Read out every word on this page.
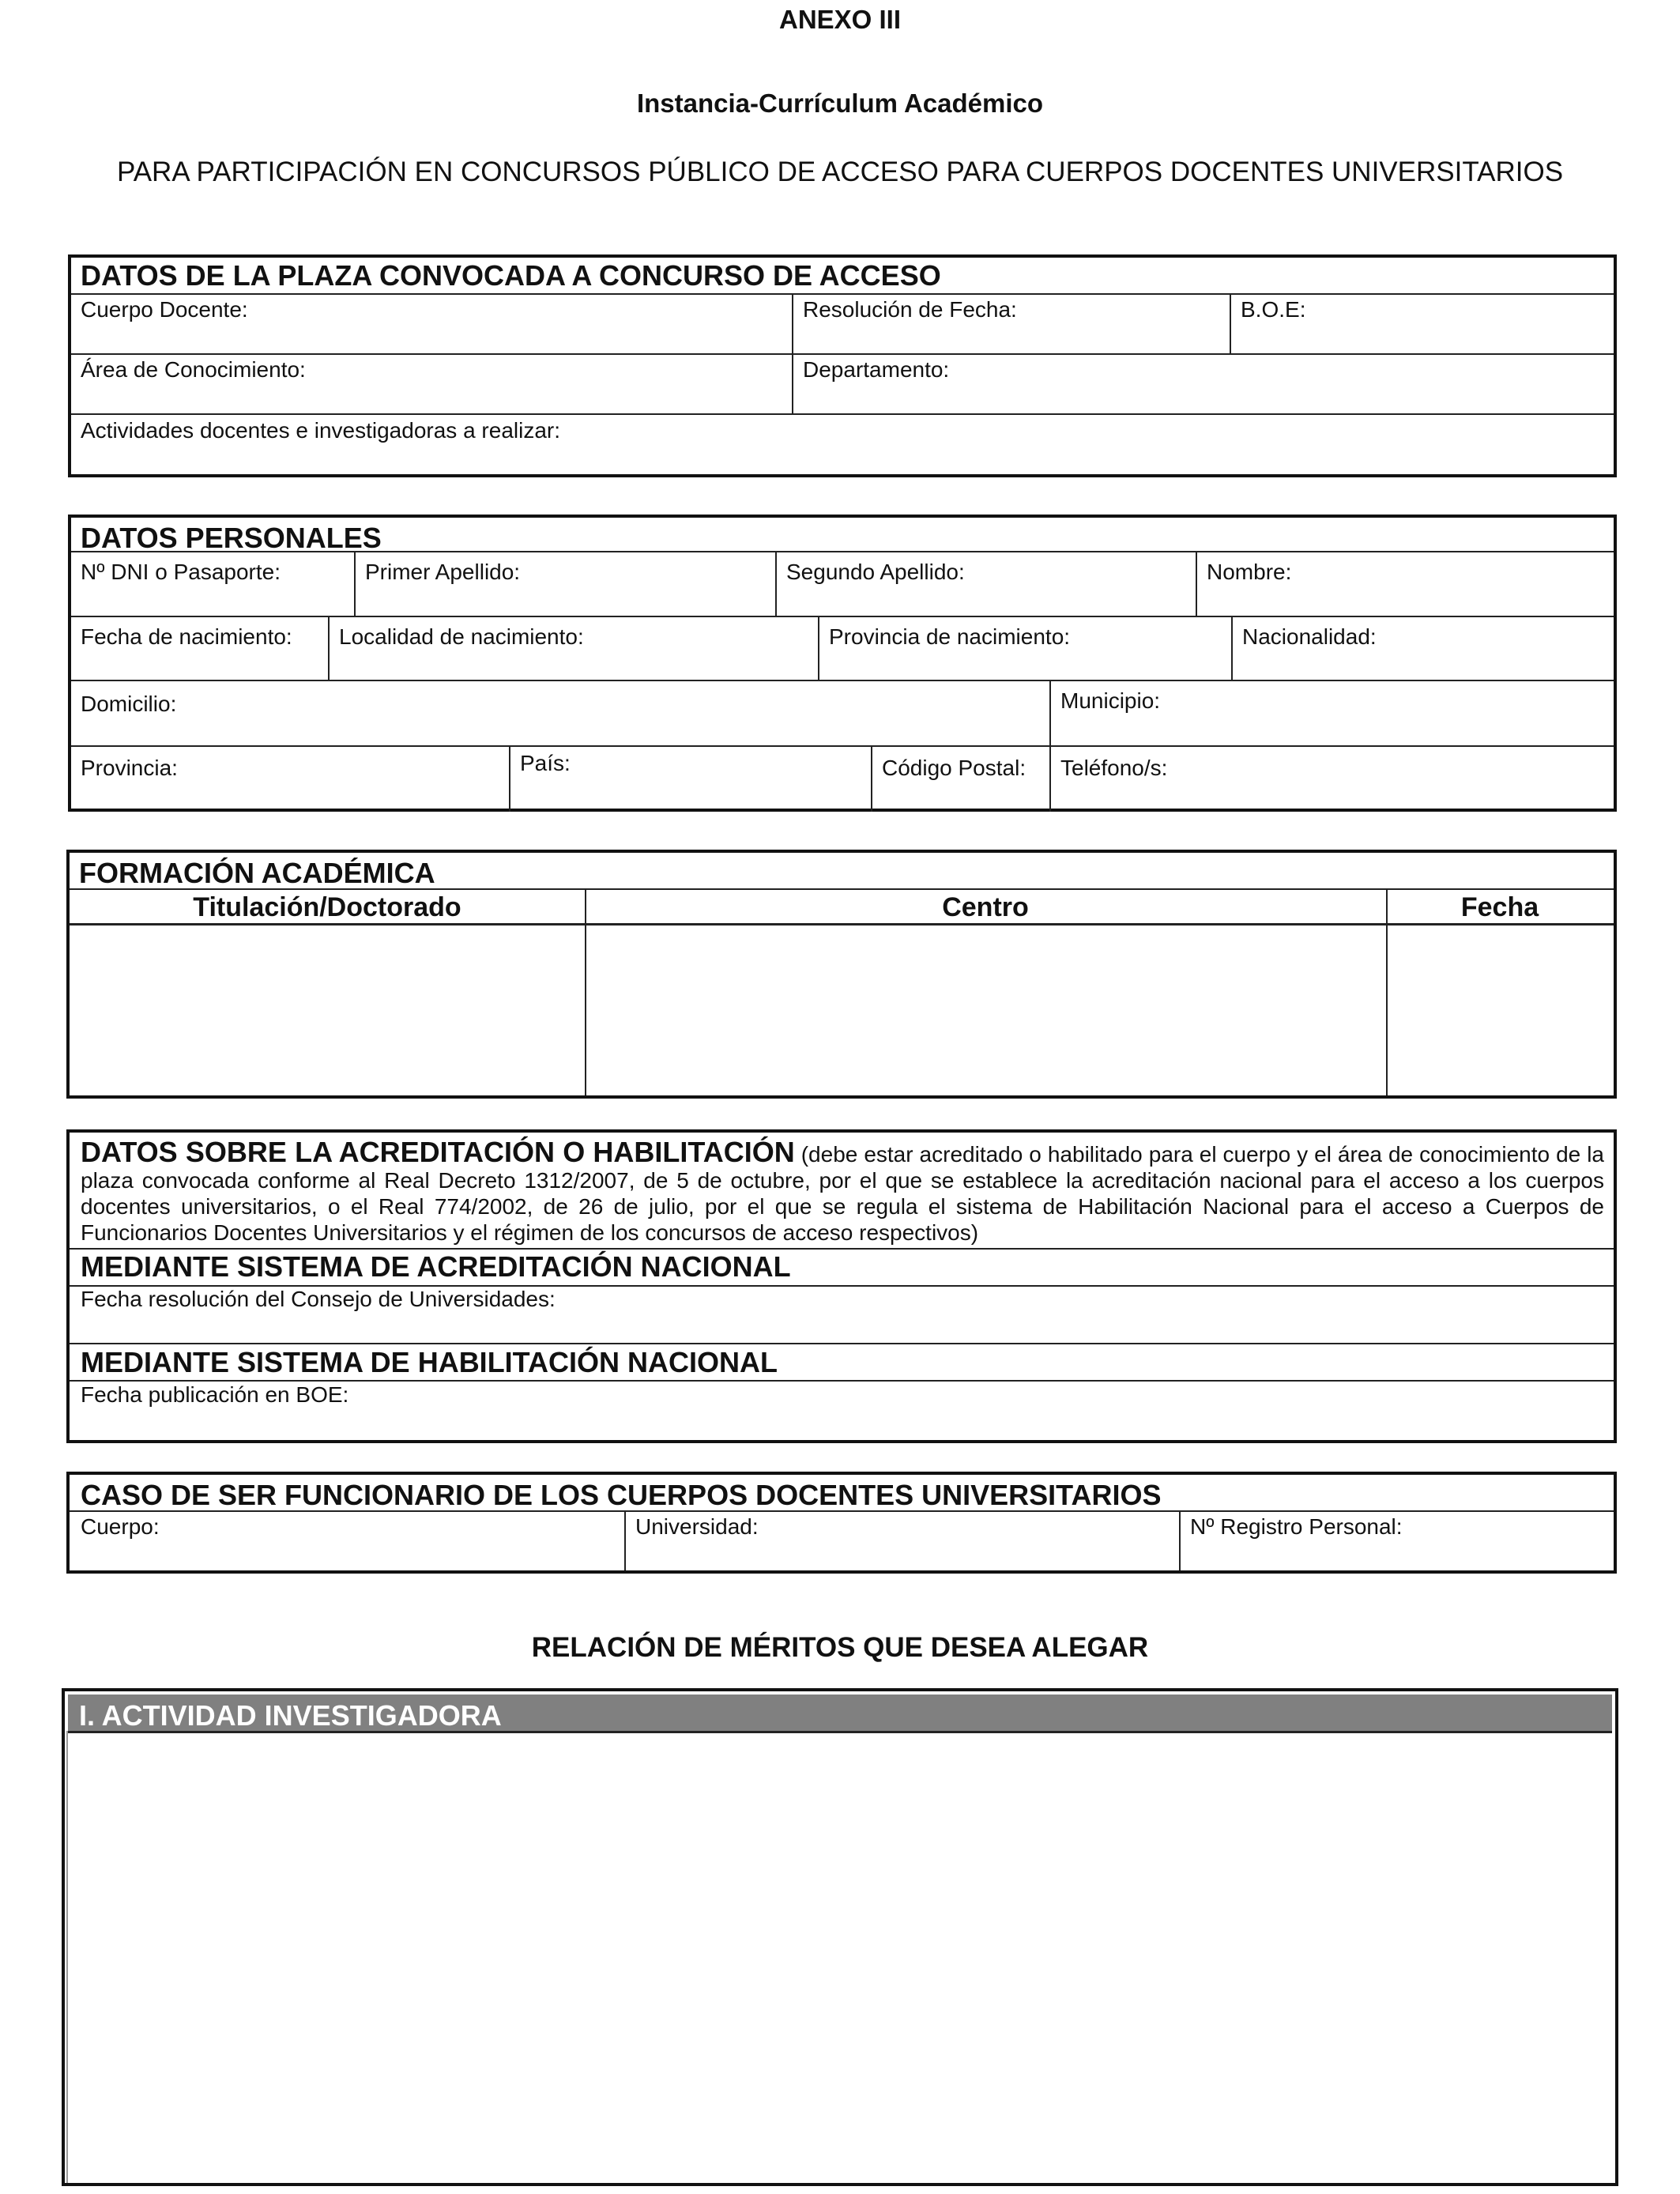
ANEXO III
Instancia-Currículum Académico
PARA PARTICIPACIÓN EN CONCURSOS PÚBLICO DE ACCESO PARA CUERPOS DOCENTES UNIVERSITARIOS
DATOS DE LA PLAZA CONVOCADA A CONCURSO DE ACCESO
Cuerpo Docente:	Resolución de Fecha:	B.O.E:
Área de Conocimiento:	Departamento:
Actividades docentes e investigadoras a realizar:
DATOS PERSONALES
Nº DNI o Pasaporte:	Primer Apellido:	Segundo Apellido:	Nombre:
Fecha de nacimiento: Localidad de nacimiento:	Provincia de nacimiento:	Nacionalidad:
Domicilio:	Municipio:
Provincia:	País:	Código Postal: Teléfono/s:
FORMACIÓN ACADÉMICA
Titulación/Doctorado	Centro	Fecha
DATOS SOBRE LA ACREDITACIÓN O HABILITACIÓN (debe estar acreditado o habilitado para el cuerpo y el área de conocimiento de la plaza convocada conforme al Real Decreto 1312/2007, de 5 de octubre, por el que se establece la acreditación nacional para el acceso a los cuerpos docentes universitarios, o el Real 774/2002, de 26 de julio, por el que se regula el sistema de Habilitación Nacional para el acceso a Cuerpos de Funcionarios Docentes Universitarios y el régimen de los concursos de acceso respectivos)
MEDIANTE SISTEMA DE ACREDITACIÓN NACIONAL
Fecha resolución del Consejo de Universidades:
MEDIANTE SISTEMA DE HABILITACIÓN NACIONAL
Fecha publicación en BOE:
CASO DE SER FUNCIONARIO DE LOS CUERPOS DOCENTES UNIVERSITARIOS
Cuerpo:	Universidad:	Nº Registro Personal:
RELACIÓN DE MÉRITOS QUE DESEA ALEGAR
I. ACTIVIDAD INVESTIGADORA
